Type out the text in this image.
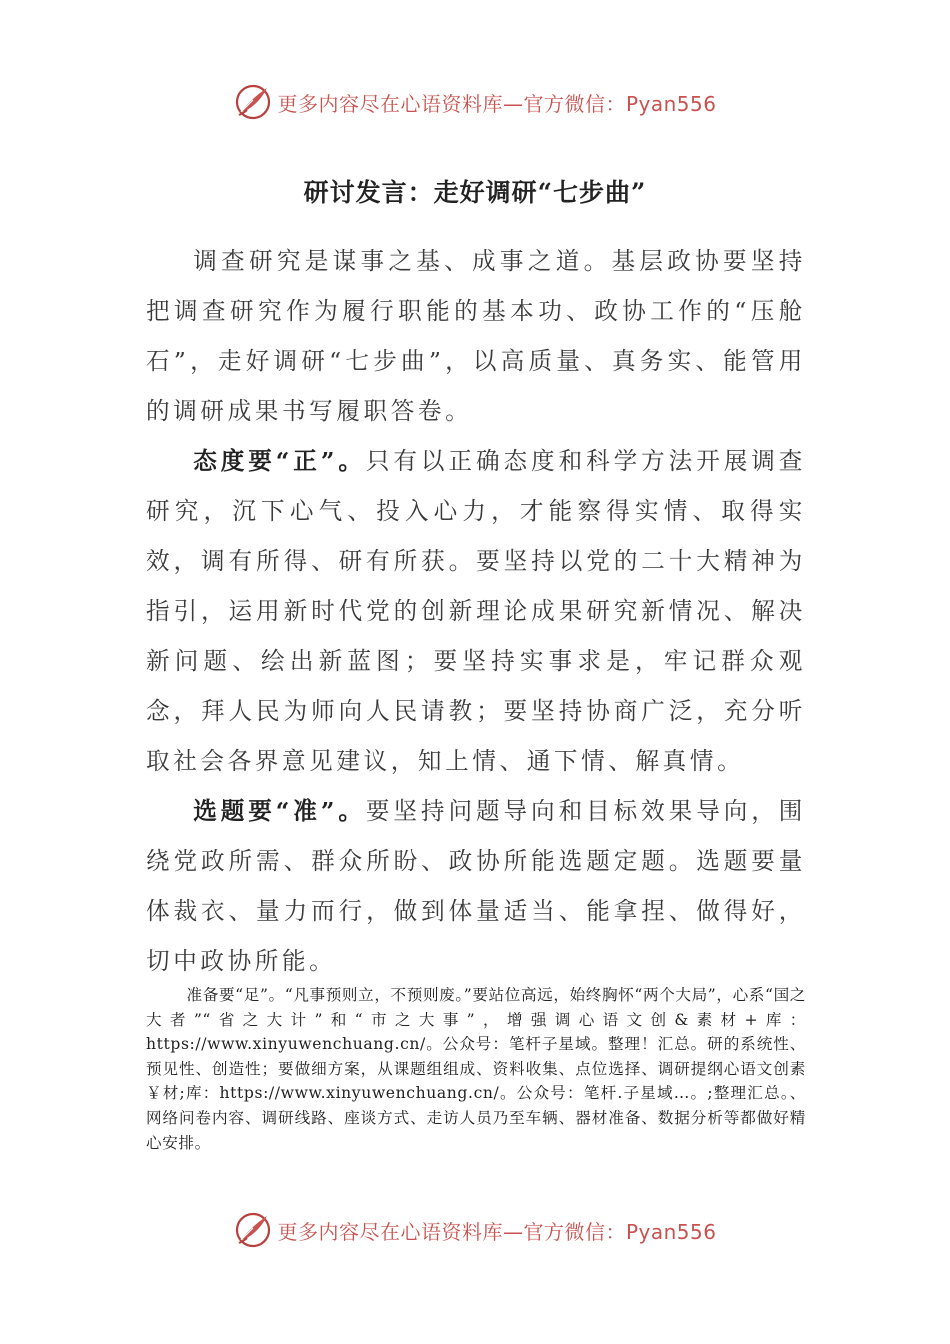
更多内容尽在心语资料库—官方微信：Pyan556
研讨发言：走好调研“七步曲”

调查研究是谋事之基、成事之道。基层政协要坚持把调查研究作为履行职能的基本功、政协工作的“压舱石”，走好调研“七步曲”，以高质量、真务实、能管用的调研成果书写履职答卷。

态度要“正”。只有以正确态度和科学方法开展调查研究，沉下心气、投入心力，才能察得实情、取得实效，调有所得、研有所获。要坚持以党的二十大精神为指引，运用新时代党的创新理论成果研究新情况、解决新问题、绘出新蓝图；要坚持实事求是，牢记群众观念，拜人民为师向人民请教；要坚持协商广泛，充分听取社会各界意见建议，知上情、通下情、解真情。

选题要“准”。要坚持问题导向和目标效果导向，围绕党政所需、群众所盼、政协所能选题定题。选题要量体裁衣、量力而行，做到体量适当、能拿捏、做得好，切中政协所能。

准备要“足”。“凡事预则立，不预则废。”要站位高远，始终胸怀“两个大局”，心系“国之大者”“省之大计”和“市之大事”，增强调心语文创&素材+库：https://www.xinyuwenchuang.cn/。公众号：笔杆子星域。整理！汇总。研的系统性、预见性、创造性；要做细方案，从课题组组成、资料收集、点位选择、调研提纲心语文创素￥材;库：https://www.xinyuwenchuang.cn/。公众号：笔杆.子星域…。;整理汇总。、网络问卷内容、调研线路、座谈方式、走访人员乃至车辆、器材准备、数据分析等都做好精心安排。

更多内容尽在心语资料库—官方微信：Pyan556
